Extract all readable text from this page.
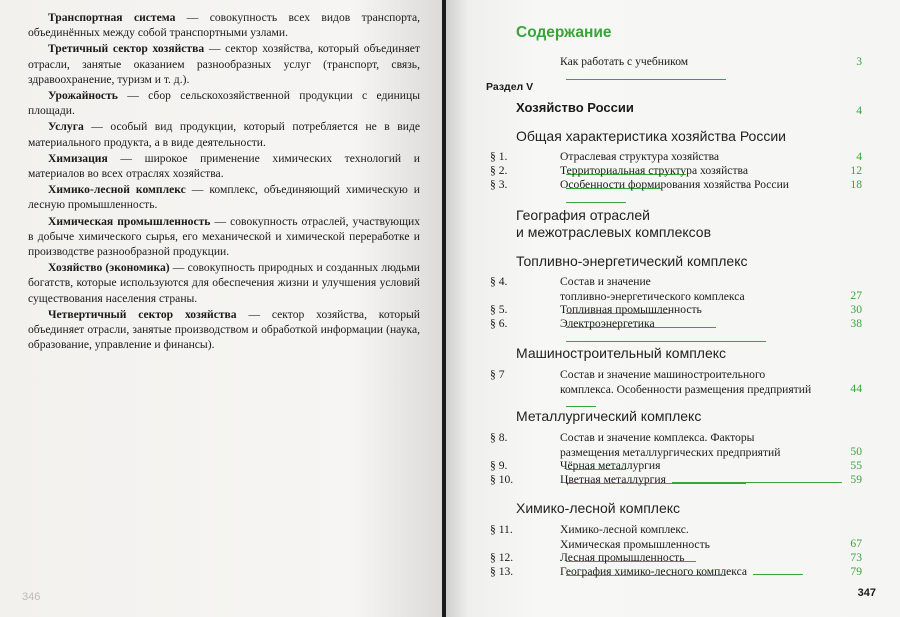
Транспортная система — совокупность всех видов транспорта, объединённых между собой транспортными узлами.

Третичный сектор хозяйства — сектор хозяйства, который объединяет отрасли, занятые оказанием разнообразных услуг (транспорт, связь, здравоохранение, туризм и т. д.).

Урожайность — сбор сельскохозяйственной продукции с единицы площади.

Услуга — особый вид продукции, который потребляется не в виде материального продукта, а в виде деятельности.

Химизация — широкое применение химических технологий и материалов во всех отраслях хозяйства.

Химико-лесной комплекс — комплекс, объединяющий химическую и лесную промышленность.

Химическая промышленность — совокупность отраслей, участвующих в добыче химического сырья, его механической и химической переработке и производстве разнообразной продукции.

Хозяйство (экономика) — совокупность природных и созданных людьми богатств, которые используются для обеспечения жизни и улучшения условий существования населения страны.

Четвертичный сектор хозяйства — сектор хозяйства, который объединяет отрасли, занятые производством и обработкой информации (наука, образование, управление и финансы).

346
Содержание
Как работать с учебником	3
Раздел V
Хозяйство России	4
Общая характеристика хозяйства России
§ 1.	Отраслевая структура хозяйства	4
§ 2.	Территориальная структура хозяйства	12
§ 3.	Особенности формирования хозяйства России	18
География отраслей
и межотраслевых комплексов
Топливно-энергетический комплекс
§ 4.	Состав и значение
топливно-энергетического комплекса	27
§ 5.	Топливная промышленность	30
§ 6.	Электроэнергетика	38
Машиностроительный комплекс
§ 7	Состав и значение машиностроительного
комплекса. Особенности размещения предприятий	44
Металлургический комплекс
§ 8.	Состав и значение комплекса. Факторы
размещения металлургических предприятий	50
§ 9.	Чёрная металлургия	55
§ 10.	Цветная металлургия	59
Химико-лесной комплекс
§ 11.	Химико-лесной комплекс.
Химическая промышленность	67
§ 12.	Лесная промышленность	73
§ 13.	География химико-лесного комплекса	79
347
